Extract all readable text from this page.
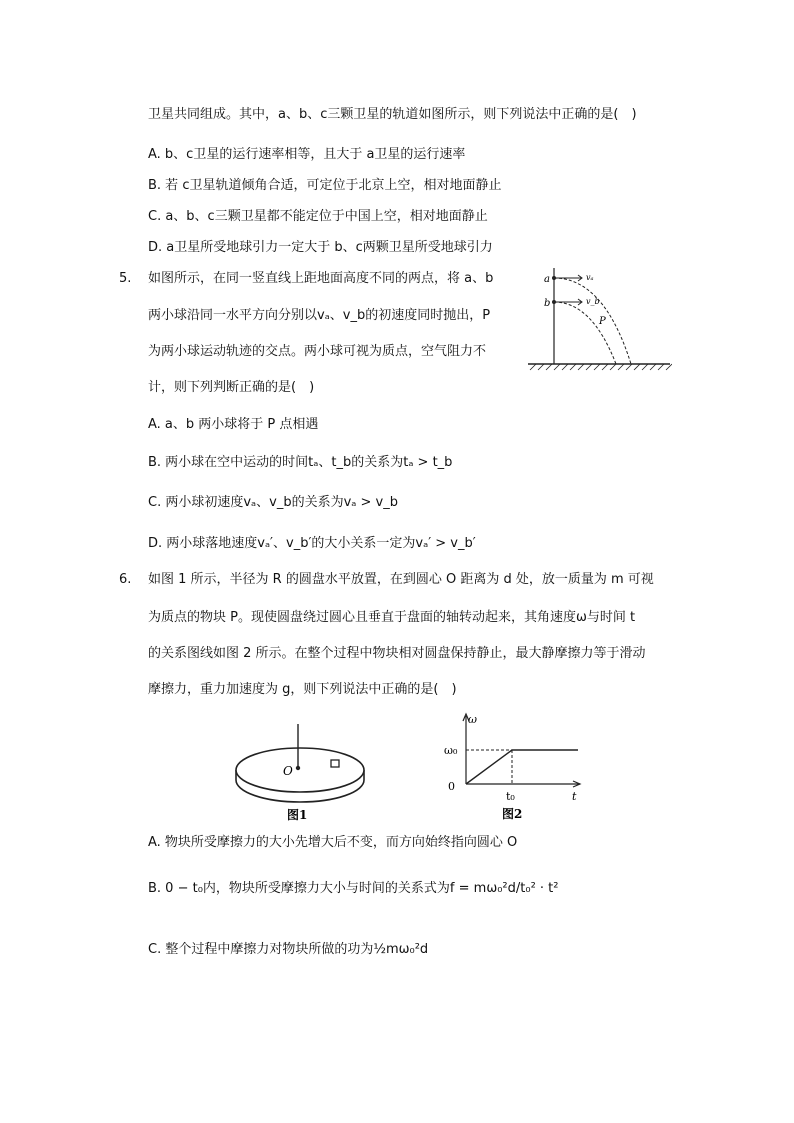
卫星共同组成。其中，a、b、c三颗卫星的轨道如图所示，则下列说法中正确的是(　)
A. b、c卫星的运行速率相等，且大于 a卫星的运行速率
B. 若 c卫星轨道倾角合适，可定位于北京上空，相对地面静止
C. a、b、c三颗卫星都不能定位于中国上空，相对地面静止
D. a卫星所受地球引力一定大于 b、c两颗卫星所受地球引力
5. 如图所示，在同一竖直线上距地面高度不同的两点，将 a、b
两小球沿同一水平方向分别以vₐ、v_b的初速度同时抛出，P
为两小球运动轨迹的交点。两小球可视为质点，空气阻力不
计，则下列判断正确的是(　)
A. a、b 两小球将于 P 点相遇
B. 两小球在空中运动的时间tₐ、t_b的关系为tₐ > t_b
C. 两小球初速度vₐ、v_b的关系为vₐ > v_b
D. 两小球落地速度vₐ′、v_b′的大小关系一定为vₐ′ > v_b′
a
b
vₐ
v_b
P
6. 如图 1 所示，半径为 R 的圆盘水平放置，在到圆心 O 距离为 d 处，放一质量为 m 可视
为质点的物块 P。现使圆盘绕过圆心且垂直于盘面的轴转动起来，其角速度ω与时间 t
的关系图线如图 2 所示。在整个过程中物块相对圆盘保持静止，最大静摩擦力等于滑动
摩擦力，重力加速度为 g，则下列说法中正确的是(　)
O
图1
ω
ω₀
0
t₀	t
图2
A. 物块所受摩擦力的大小先增大后不变，而方向始终指向圆心 O
B. 0 − t₀内，物块所受摩擦力大小与时间的关系式为f = mω₀²d/t₀² · t²
C. 整个过程中摩擦力对物块所做的功为½mω₀²d
